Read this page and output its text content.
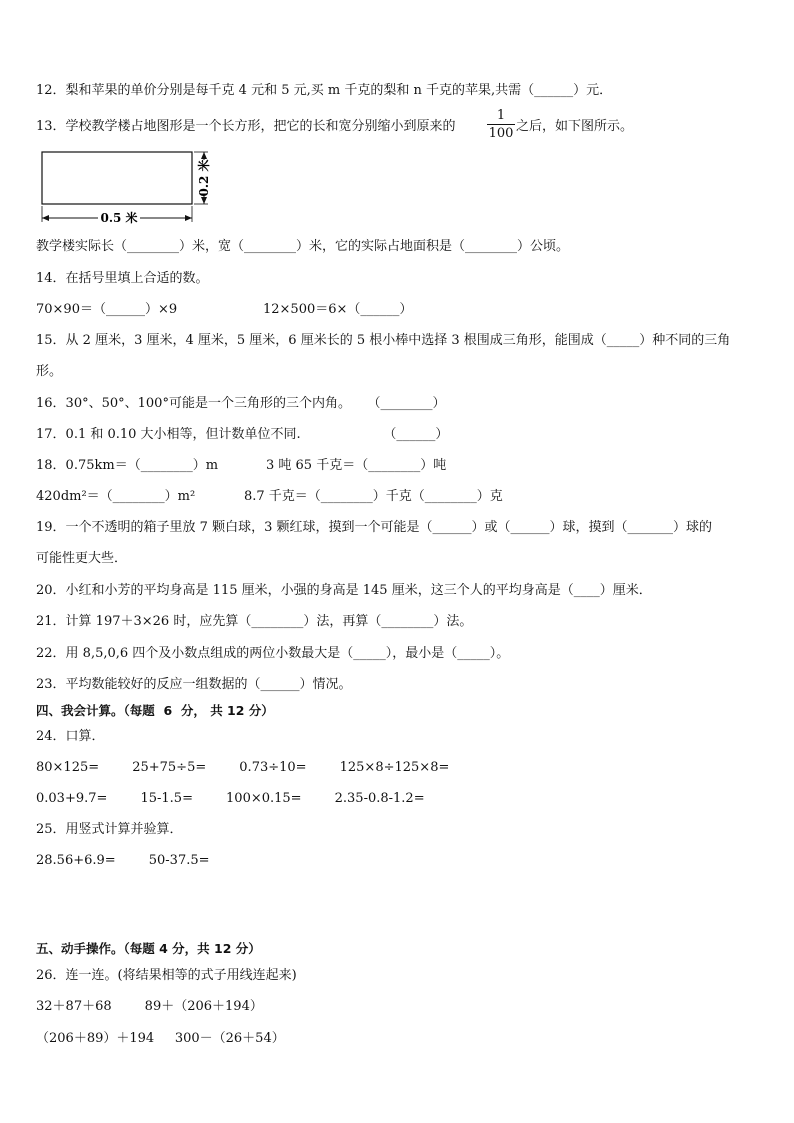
12．梨和苹果的单价分别是每千克 4 元和 5 元,买 m 千克的梨和 n 千克的苹果,共需（______）元．
13．学校教学楼占地图形是一个长方形，把它的长和宽分别缩小到原来的
1
100 之后，如下图所示。
0.5 米
0.2 米
教学楼实际长（________）米，宽（________）米，它的实际占地面积是（________）公顷。
14．在括号里填上合适的数。
70×90＝（______）×9	12×500＝6×（______）
15．从 2 厘米，3 厘米，4 厘米，5 厘米，6 厘米长的 5 根小棒中选择 3 根围成三角形，能围成（_____）种不同的三角
形。
16．30°、50°、100°可能是一个三角形的三个内角。    （________）
17．0.1 和 0.10 大小相等，但计数单位不同.                    （______）
18．0.75km＝（________）m	3 吨 65 千克＝（________）吨
420dm²＝（________）m²	8.7 千克＝（________）千克（________）克
19．一个不透明的箱子里放 7 颗白球，3 颗红球，摸到一个可能是（______）或（______）球，摸到（_______）球的
可能性更大些．
20．小红和小芳的平均身高是 115 厘米，小强的身高是 145 厘米，这三个人的平均身高是（____）厘米．
21．计算 197＋3×26 时，应先算（________）法，再算（________）法。
22．用 8,5,0,6 四个及小数点组成的两位小数最大是（_____），最小是（_____）。
23．平均数能较好的反应一组数据的（______）情况。
四、我会计算。（每题  6  分， 共 12 分）
24．口算．
80×125=        25+75÷5=        0.73÷10=        125×8÷125×8=
0.03+9.7=        15-1.5=        100×0.15=        2.35-0.8-1.2=
25．用竖式计算并验算．
28.56+6.9=        50-37.5=
五、动手操作。（每题 4 分，共 12 分）
26．连一连。(将结果相等的式子用线连起来)
32＋87＋68        89＋（206＋194）
（206＋89）＋194     300－（26＋54）
